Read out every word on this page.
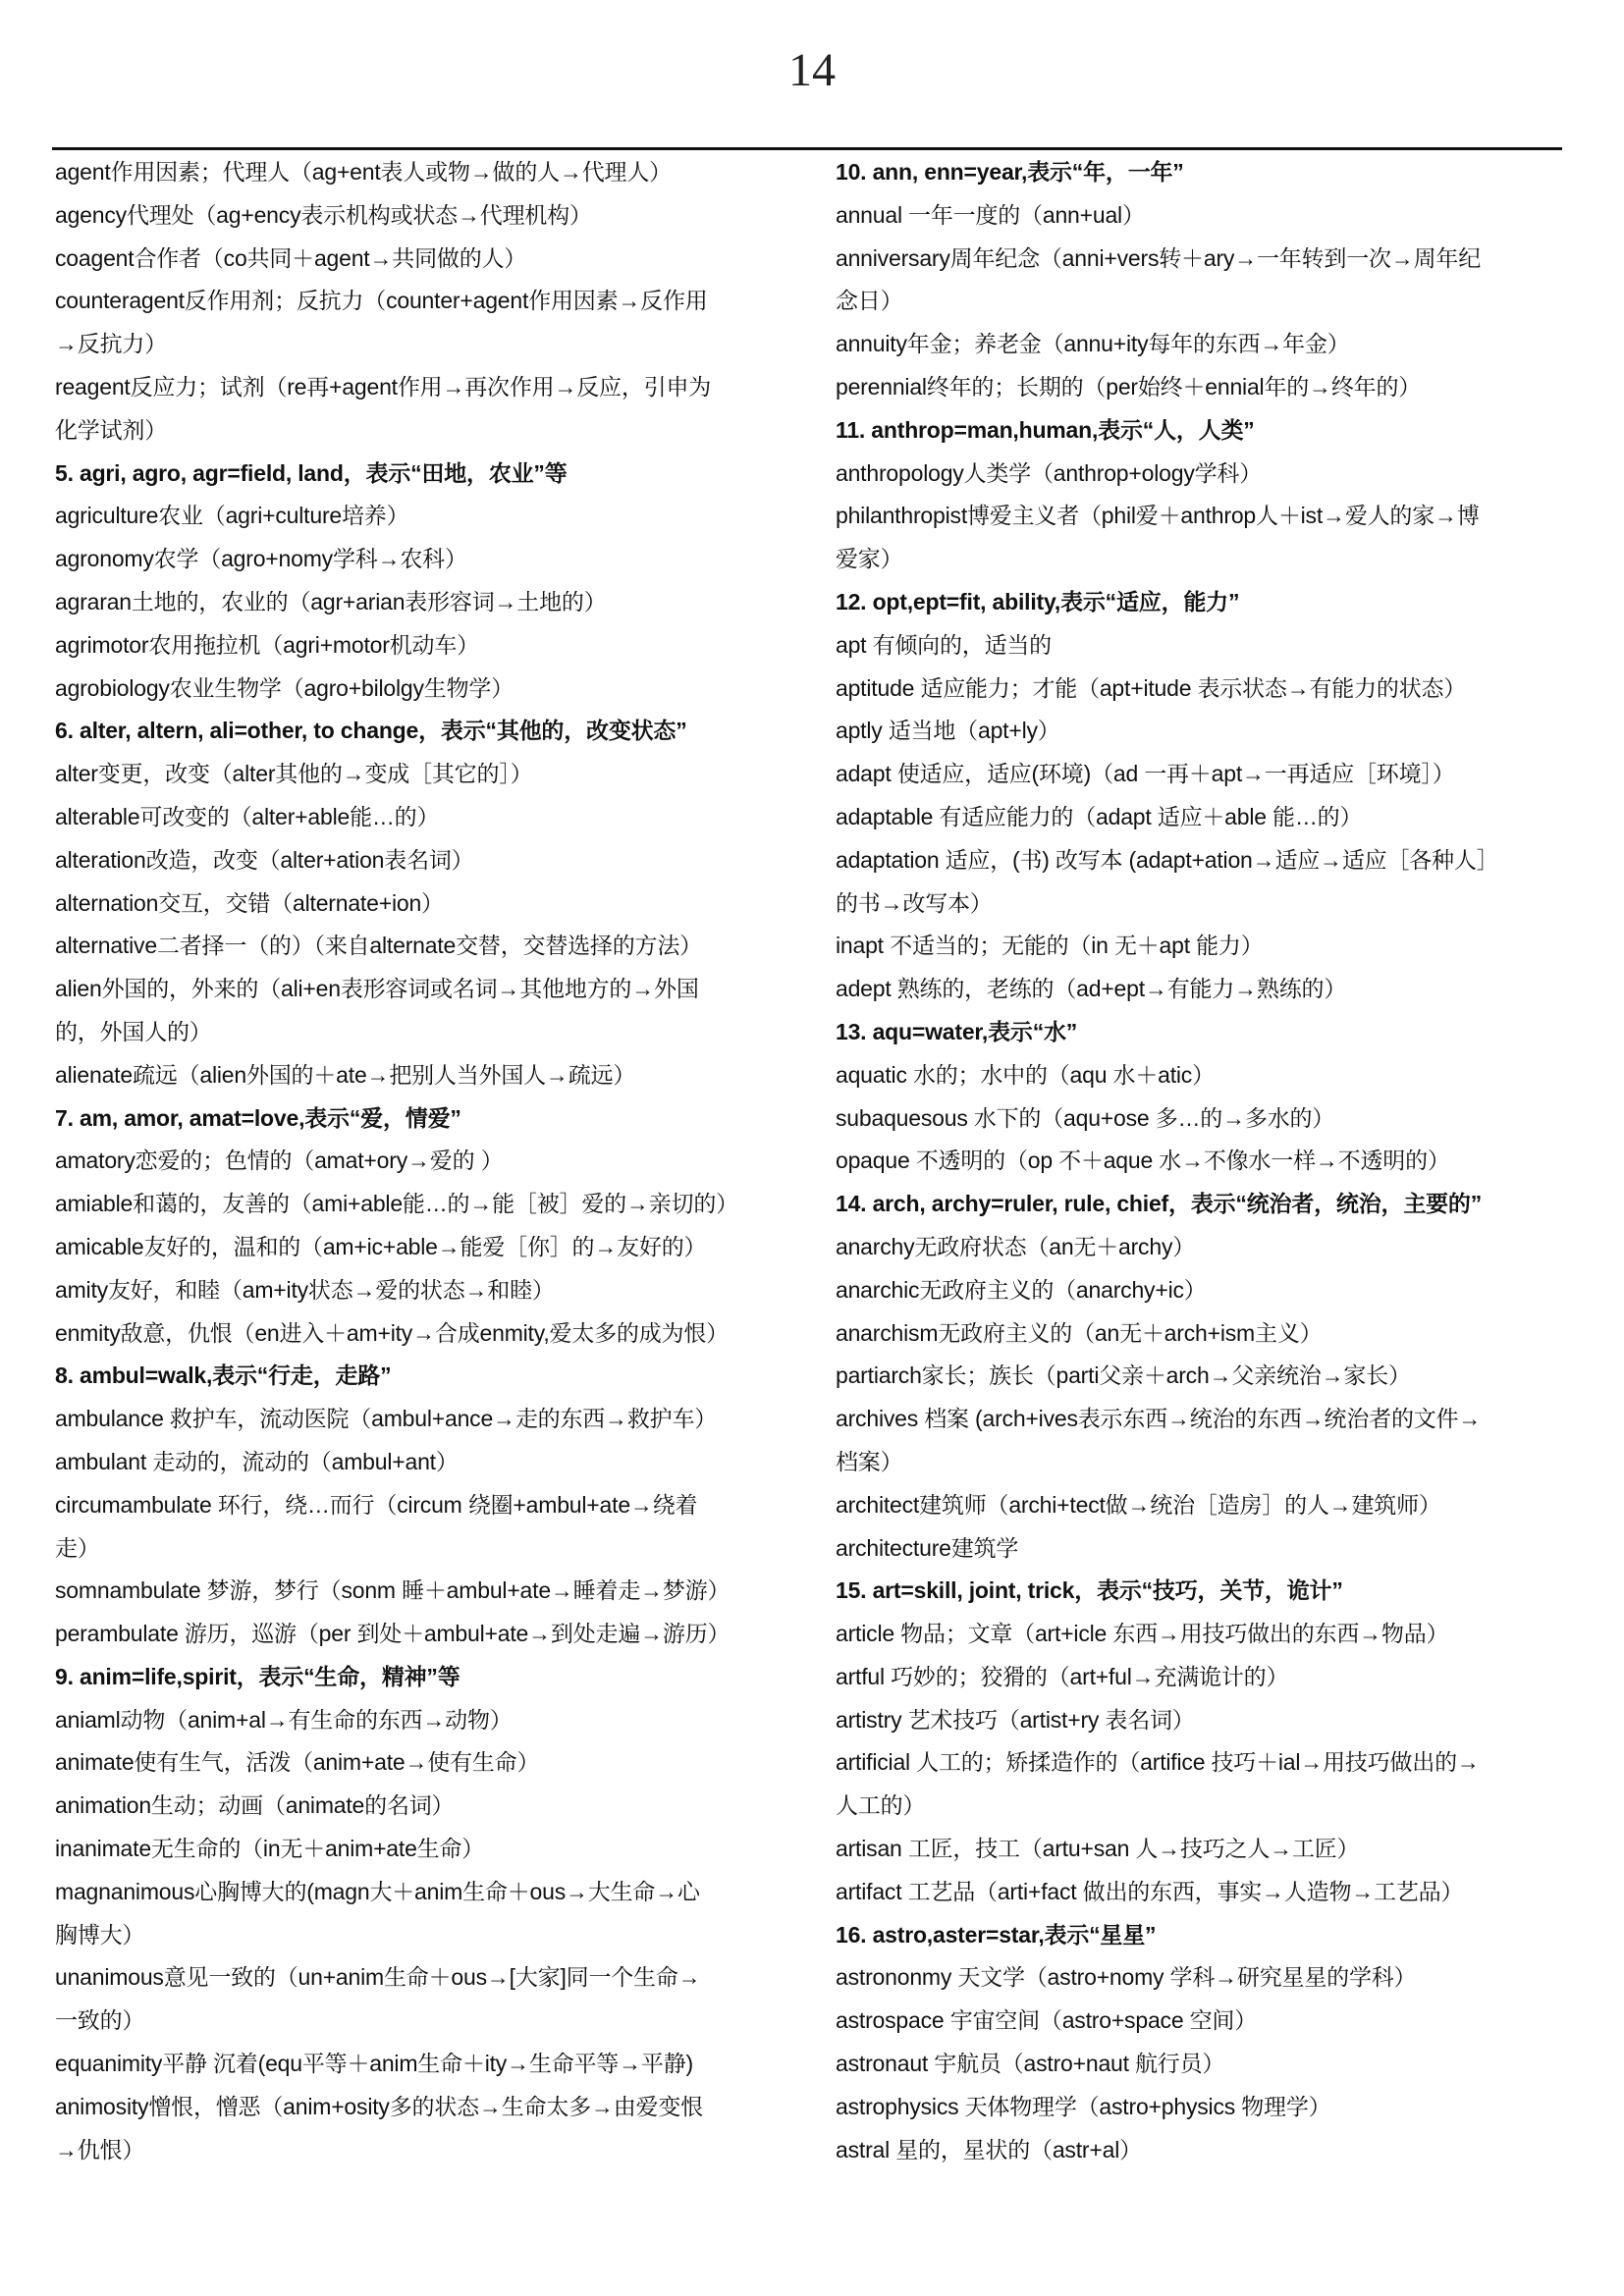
14
agent作用因素；代理人（ag+ent表人或物→做的人→代理人）
agency代理处（ag+ency表示机构或状态→代理机构）
coagent合作者（co共同＋agent→共同做的人）
counteragent反作用剂；反抗力（counter+agent作用因素→反作用
→反抗力）
reagent反应力；试剂（re再+agent作用→再次作用→反应，引申为
化学试剂）
5. agri, agro, agr=field, land，表示“田地，农业”等
agriculture农业（agri+culture培养）
agronomy农学（agro+nomy学科→农科）
agraran土地的，农业的（agr+arian表形容词→土地的）
agrimotor农用拖拉机（agri+motor机动车）
agrobiology农业生物学（agro+bilolgy生物学）
6. alter, altern, ali=other, to change，表示“其他的，改变状态”
alter变更，改变（alter其他的→变成［其它的］）
alterable可改变的（alter+able能…的）
alteration改造，改变（alter+ation表名词）
alternation交互，交错（alternate+ion）
alternative二者择一（的）（来自alternate交替，交替选择的方法）
alien外国的，外来的（ali+en表形容词或名词→其他地方的→外国
的，外国人的）
alienate疏远（alien外国的＋ate→把别人当外国人→疏远）
7. am, amor, amat=love,表示“爱，情爱”
amatory恋爱的；色情的（amat+ory→爱的 ）
amiable和蔼的，友善的（ami+able能…的→能［被］爱的→亲切的）
amicable友好的，温和的（am+ic+able→能爱［你］的→友好的）
amity友好，和睦（am+ity状态→爱的状态→和睦）
enmity敌意，仇恨（en进入＋am+ity→合成enmity,爱太多的成为恨）
8. ambul=walk,表示“行走，走路”
ambulance 救护车，流动医院（ambul+ance→走的东西→救护车）
ambulant 走动的，流动的（ambul+ant）
circumambulate 环行，绕…而行（circum 绕圈+ambul+ate→绕着
走）
somnambulate 梦游，梦行（sonm 睡＋ambul+ate→睡着走→梦游）
perambulate 游历，巡游（per 到处＋ambul+ate→到处走遍→游历）
9. anim=life,spirit，表示“生命，精神”等
aniaml动物（anim+al→有生命的东西→动物）
animate使有生气，活泼（anim+ate→使有生命）
animation生动；动画（animate的名词）
inanimate无生命的（in无＋anim+ate生命）
magnanimous心胸博大的(magn大＋anim生命＋ous→大生命→心
胸博大）
unanimous意见一致的（un+anim生命＋ous→[大家]同一个生命→
一致的）
equanimity平静 沉着(equ平等＋anim生命＋ity→生命平等→平静)
animosity憎恨，憎恶（anim+osity多的状态→生命太多→由爱变恨
→仇恨）
10. ann, enn=year,表示“年，一年”
annual 一年一度的（ann+ual）
anniversary周年纪念（anni+vers转＋ary→一年转到一次→周年纪
念日）
annuity年金；养老金（annu+ity每年的东西→年金）
perennial终年的；长期的（per始终＋ennial年的→终年的）
11. anthrop=man,human,表示“人，人类”
anthropology人类学（anthrop+ology学科）
philanthropist博爱主义者（phil爱＋anthrop人＋ist→爱人的家→博
爱家）
12. opt,ept=fit, ability,表示“适应，能力”
apt 有倾向的，适当的
aptitude 适应能力；才能（apt+itude 表示状态→有能力的状态）
aptly 适当地（apt+ly）
adapt 使适应，适应(环境)（ad 一再＋apt→一再适应［环境］）
adaptable 有适应能力的（adapt 适应＋able 能…的）
adaptation 适应，(书) 改写本 (adapt+ation→适应→适应［各种人］
的书→改写本）
inapt 不适当的；无能的（in 无＋apt 能力）
adept 熟练的，老练的（ad+ept→有能力→熟练的）
13. aqu=water,表示“水”
aquatic 水的；水中的（aqu 水＋atic）
subaquesous 水下的（aqu+ose 多…的→多水的）
opaque 不透明的（op 不＋aque 水→不像水一样→不透明的）
14. arch, archy=ruler, rule, chief，表示“统治者，统治，主要的”
anarchy无政府状态（an无＋archy）
anarchic无政府主义的（anarchy+ic）
anarchism无政府主义的（an无＋arch+ism主义）
partiarch家长；族长（parti父亲＋arch→父亲统治→家长）
archives 档案 (arch+ives表示东西→统治的东西→统治者的文件→
档案）
architect建筑师（archi+tect做→统治［造房］的人→建筑师）
architecture建筑学
15. art=skill, joint, trick，表示“技巧，关节，诡计”
article 物品；文章（art+icle 东西→用技巧做出的东西→物品）
artful 巧妙的；狡猾的（art+ful→充满诡计的）
artistry 艺术技巧（artist+ry 表名词）
artificial 人工的；矫揉造作的（artifice 技巧＋ial→用技巧做出的→
人工的）
artisan 工匠，技工（artu+san 人→技巧之人→工匠）
artifact 工艺品（arti+fact 做出的东西，事实→人造物→工艺品）
16. astro,aster=star,表示“星星”
astrononmy 天文学（astro+nomy 学科→研究星星的学科）
astrospace 宇宙空间（astro+space 空间）
astronaut 宇航员（astro+naut 航行员）
astrophysics 天体物理学（astro+physics 物理学）
astral 星的，星状的（astr+al）
